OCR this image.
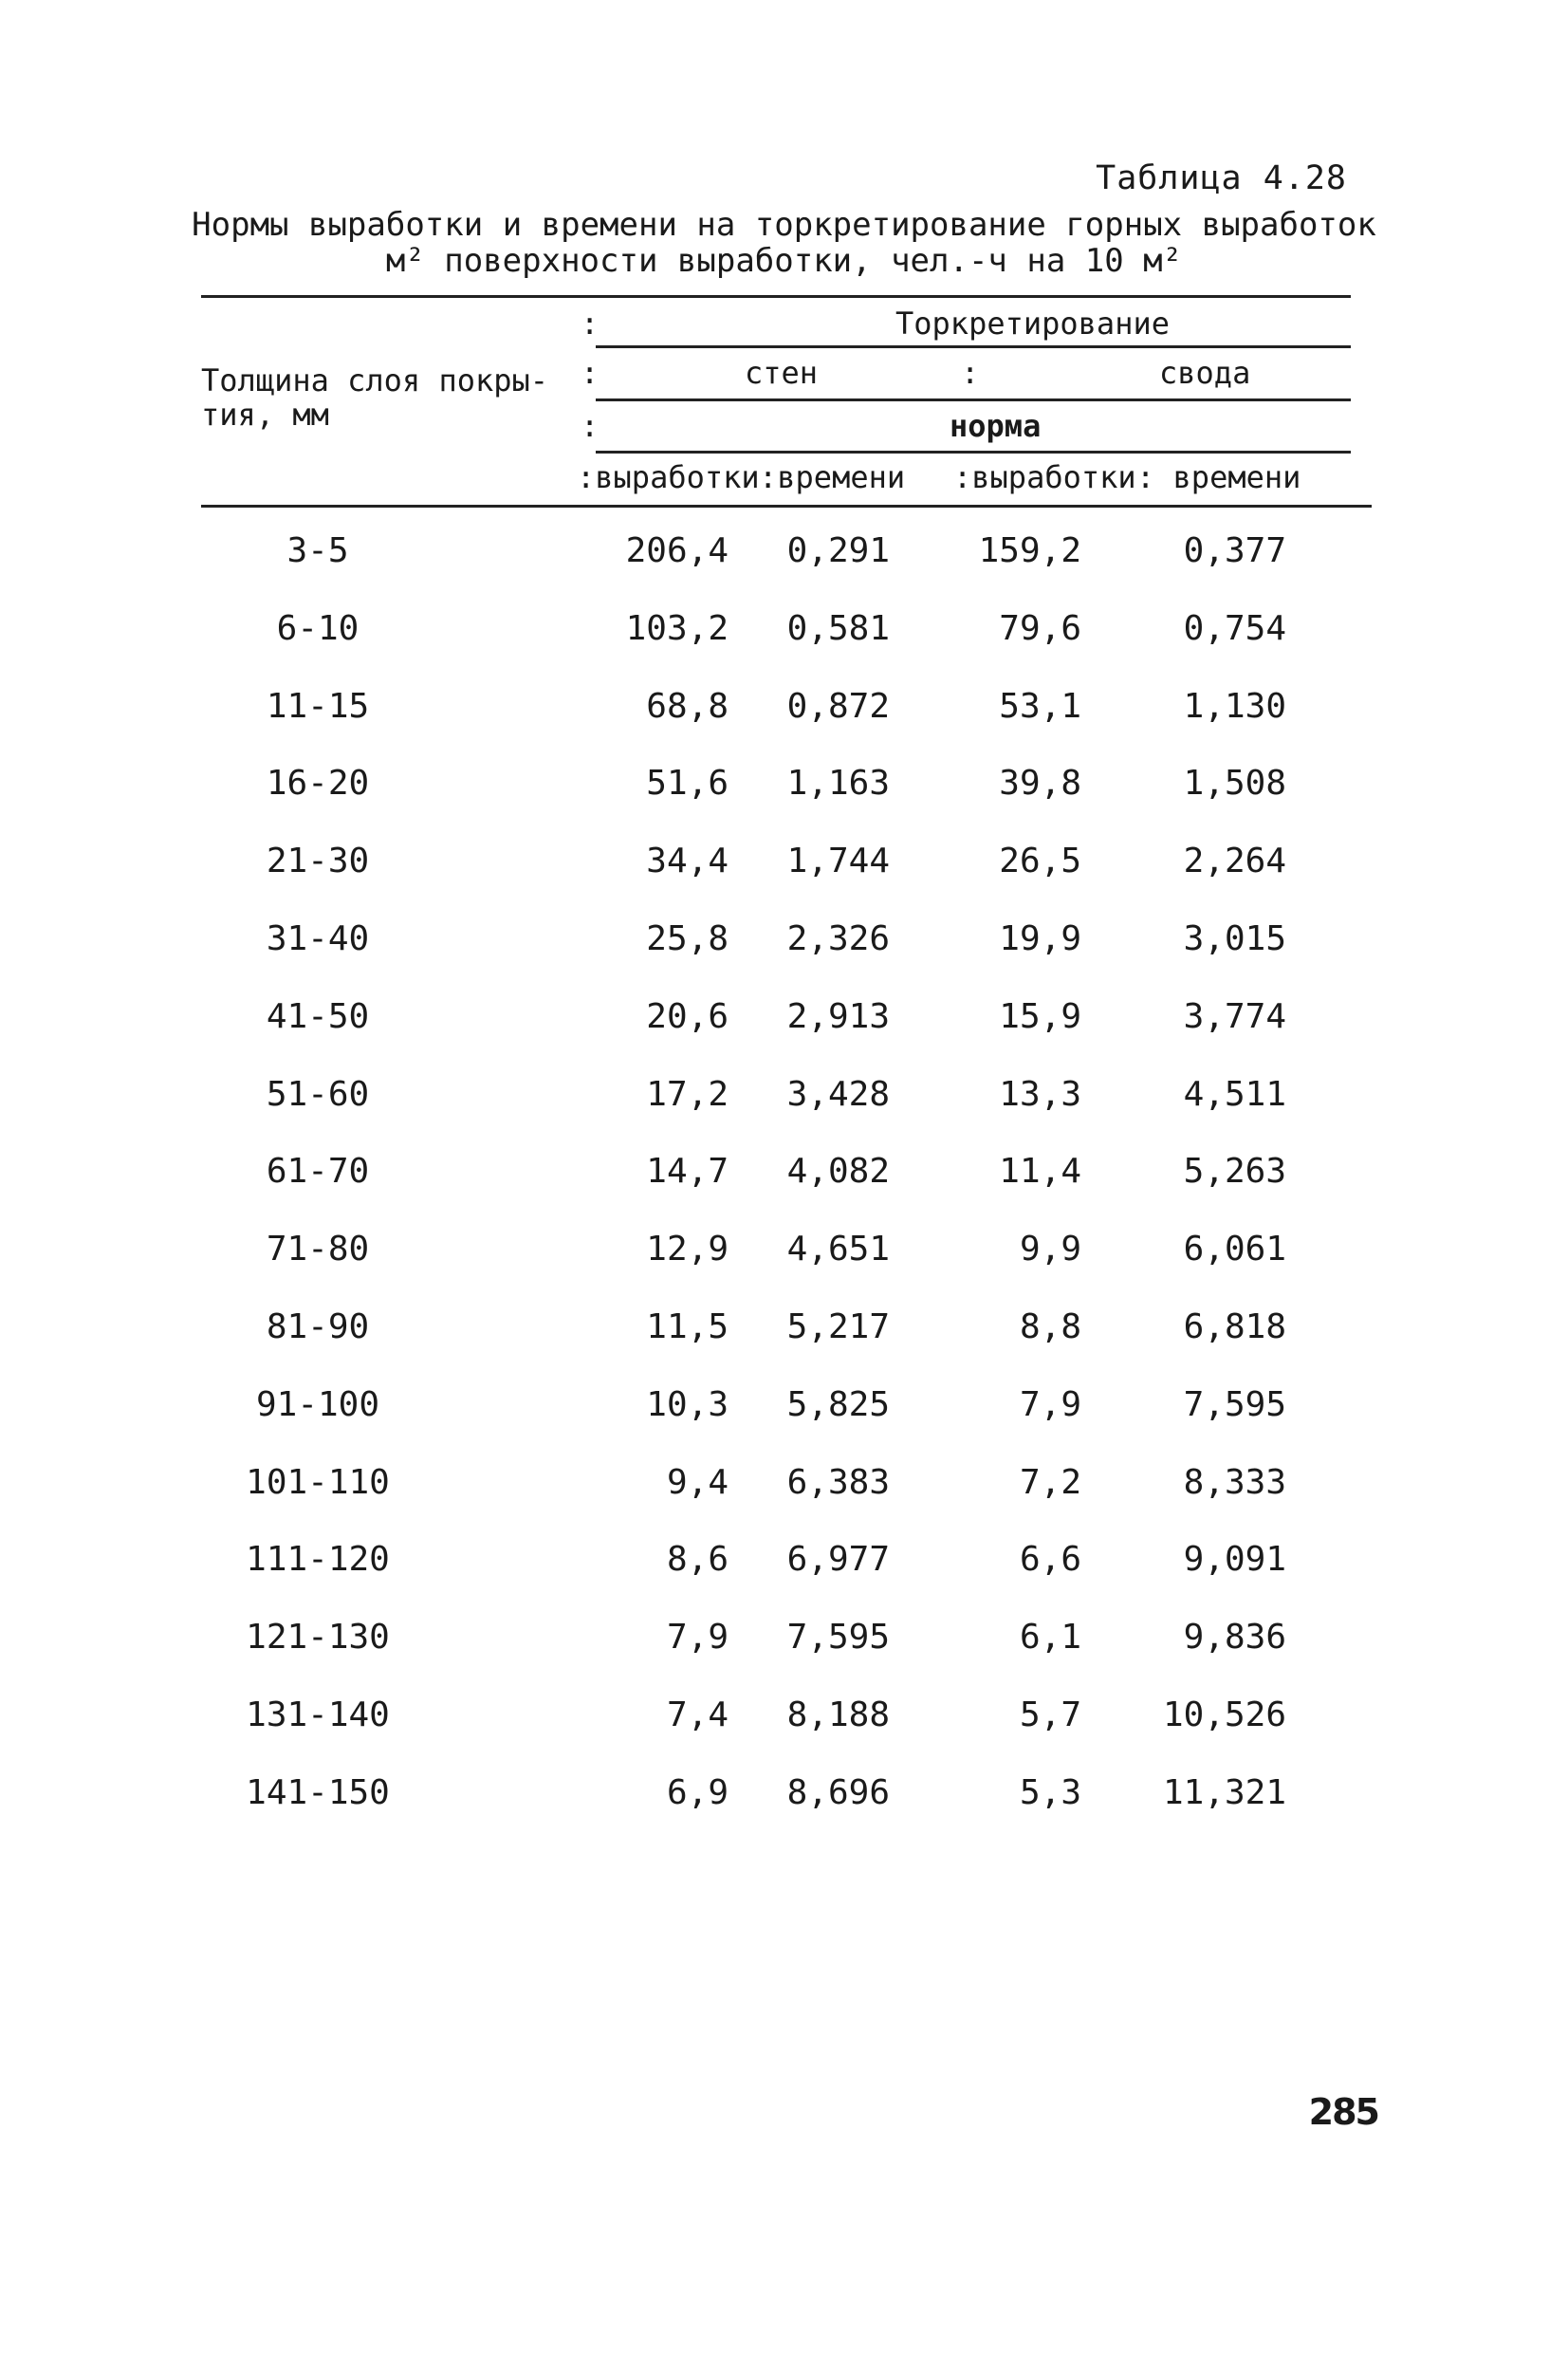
Таблица 4.28
Нормы выработки и времени на торкретирование горных выработок
м² поверхности выработки, чел.-ч на 10 м²
Толщина слоя покры-
тия, мм
:
:
:
:
Торкретирование
стен	свода
норма
:выработки :времени :выработки : времени
3-5	206,4	0,291	159,2	0,377
6-10	103,2	0,581	79,6	0,754
11-15	68,8	0,872	53,1	1,130
16-20	51,6	1,163	39,8	1,508
21-30	34,4	1,744	26,5	2,264
31-40	25,8	2,326	19,9	3,015
41-50	20,6	2,913	15,9	3,774
51-60	17,2	3,428	13,3	4,511
61-70	14,7	4,082	11,4	5,263
71-80	12,9	4,651	9,9	6,061
81-90	11,5	5,217	8,8	6,818
91-100	10,3	5,825	7,9	7,595
101-110	9,4	6,383	7,2	8,333
111-120	8,6	6,977	6,6	9,091
121-130	7,9	7,595	6,1	9,836
131-140	7,4	8,188	5,7	10,526
141-150	6,9	8,696	5,3	11,321
285
